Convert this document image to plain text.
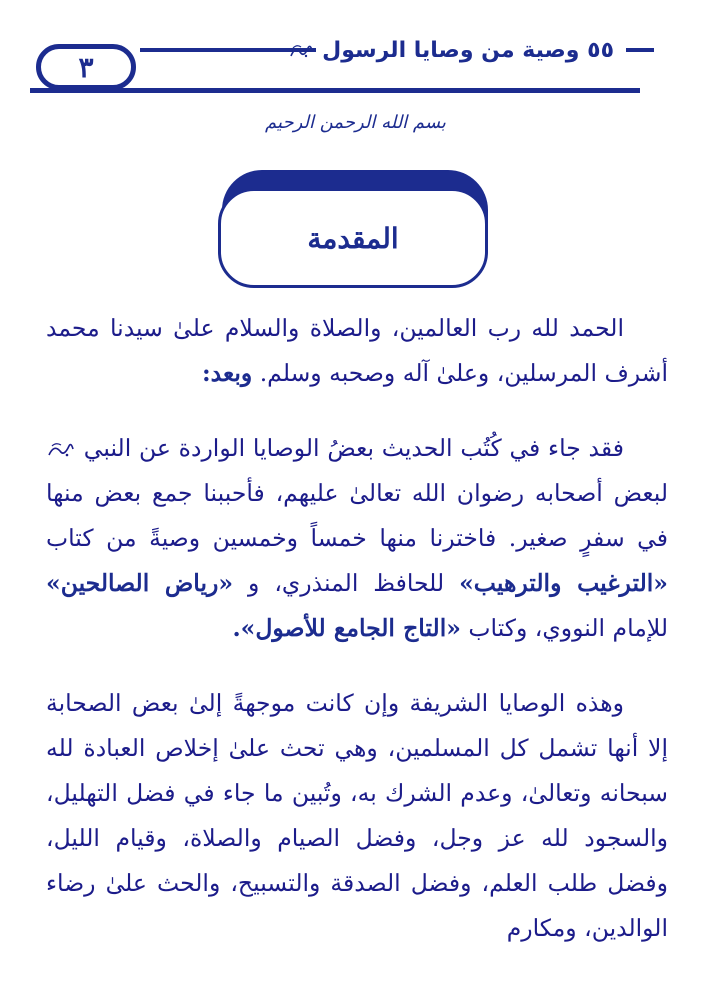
٣	٥٥ وصية من وصايا الرسول
بسم الله الرحمن الرحيم
المقدمة

الحمد لله رب العالمين، والصلاة والسلام علىٰ سيدنا محمد أشرف المرسلين، وعلىٰ آله وصحبه وسلم. وبعد:

فقد جاء في كُتُب الحديث بعضُ الوصايا الواردة عن النبي  لبعض أصحابه رضوان الله تعالىٰ عليهم، فأحببنا جمع بعض منها في سفرٍ صغير. فاخترنا منها خمساً وخمسين وصيةً من كتاب «الترغيب والترهيب» للحافظ المنذري، و «رياض الصالحين» للإمام النووي، وكتاب «التاج الجامع للأصول».

وهذه الوصايا الشريفة وإن كانت موجهةً إلىٰ بعض الصحابة إلا أنها تشمل كل المسلمين، وهي تحث علىٰ إخلاص العبادة لله سبحانه وتعالىٰ، وعدم الشرك به، وتُبين ما جاء في فضل التهليل، والسجود لله عز وجل، وفضل الصيام والصلاة، وقيام الليل، وفضل طلب العلم، وفضل الصدقة والتسبيح، والحث علىٰ رضاء الوالدين، ومكارم
